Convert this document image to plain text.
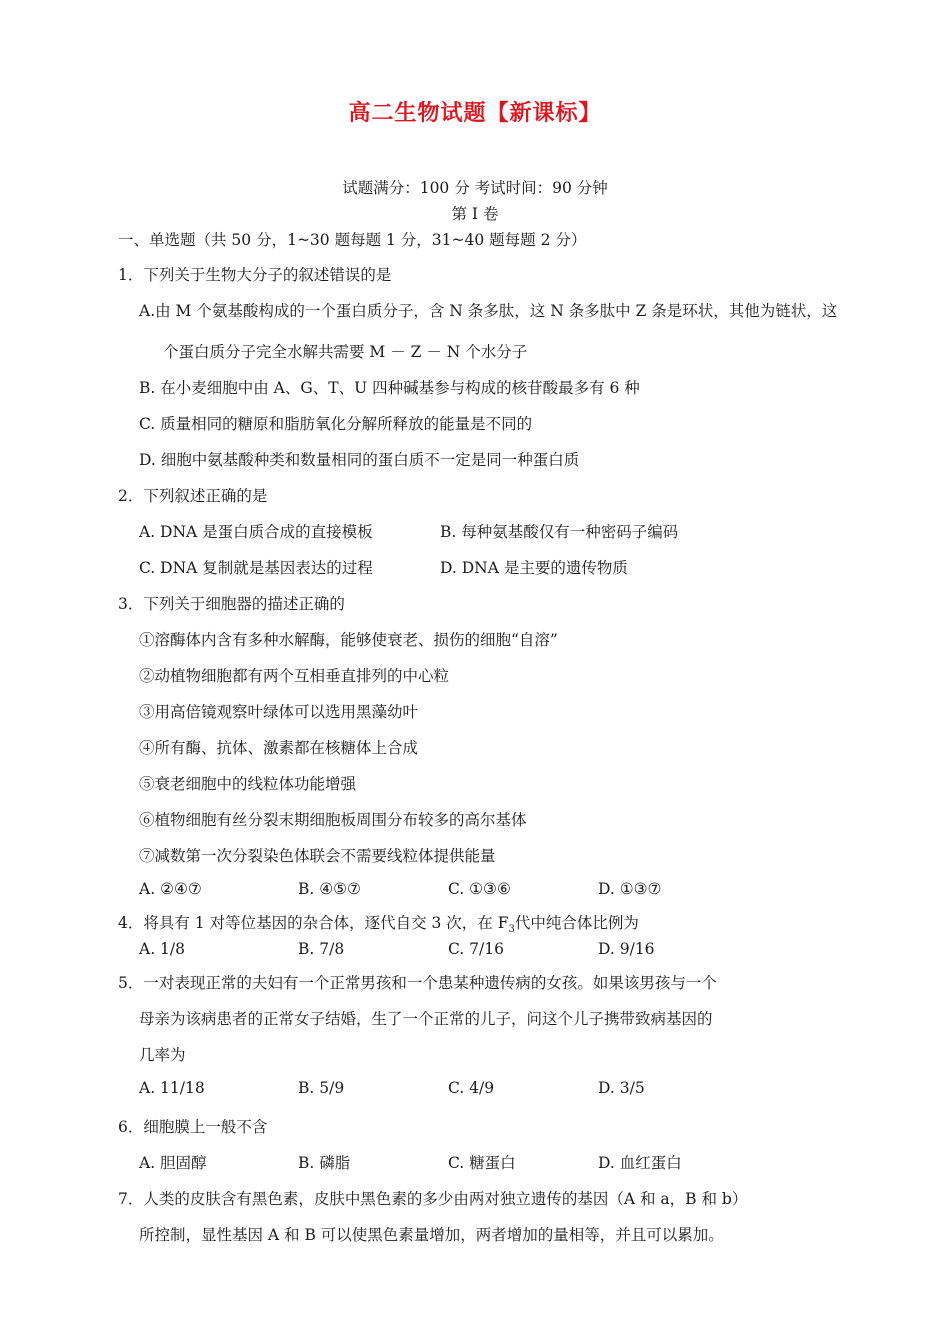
高二生物试题【新课标】
试题满分：100 分 考试时间：90 分钟
第 I 卷
一、单选题（共 50 分，1~30 题每题 1 分，31~40 题每题 2 分）
1．下列关于生物大分子的叙述错误的是
A.由 M 个氨基酸构成的一个蛋白质分子，含 N 条多肽，这 N 条多肽中 Z 条是环状，其他为链状，这
个蛋白质分子完全水解共需要 M － Z － N 个水分子
B. 在小麦细胞中由 A、G、T、U 四种碱基参与构成的核苷酸最多有 6 种
C. 质量相同的糖原和脂肪氧化分解所释放的能量是不同的
D. 细胞中氨基酸种类和数量相同的蛋白质不一定是同一种蛋白质
2．下列叙述正确的是
A. DNA 是蛋白质合成的直接模板	B. 每种氨基酸仅有一种密码子编码
C. DNA 复制就是基因表达的过程	D. DNA 是主要的遗传物质
3．下列关于细胞器的描述正确的
①溶酶体内含有多种水解酶，能够使衰老、损伤的细胞“自溶”
②动植物细胞都有两个互相垂直排列的中心粒
③用高倍镜观察叶绿体可以选用黑藻幼叶
④所有酶、抗体、激素都在核糖体上合成
⑤衰老细胞中的线粒体功能增强
⑥植物细胞有丝分裂末期细胞板周围分布较多的高尔基体
⑦减数第一次分裂染色体联会不需要线粒体提供能量
A. ②④⑦	B. ④⑤⑦	C. ①③⑥	D. ①③⑦
4．将具有 1 对等位基因的杂合体，逐代自交 3 次，在 $F_3$代中纯合体比例为
A. 1/8	B. 7/8	C. 7/16	D. 9/16
5．一对表现正常的夫妇有一个正常男孩和一个患某种遗传病的女孩。如果该男孩与一个
母亲为该病患者的正常女子结婚，生了一个正常的儿子，问这个儿子携带致病基因的
几率为
A. 11/18	B. 5/9	C. 4/9	D. 3/5
6．细胞膜上一般不含
A. 胆固醇	B. 磷脂	C. 糖蛋白	D. 血红蛋白
7．人类的皮肤含有黑色素，皮肤中黑色素的多少由两对独立遗传的基因（A 和 a，B 和 b）
所控制，显性基因 A 和 B 可以使黑色素量增加，两者增加的量相等，并且可以累加。
